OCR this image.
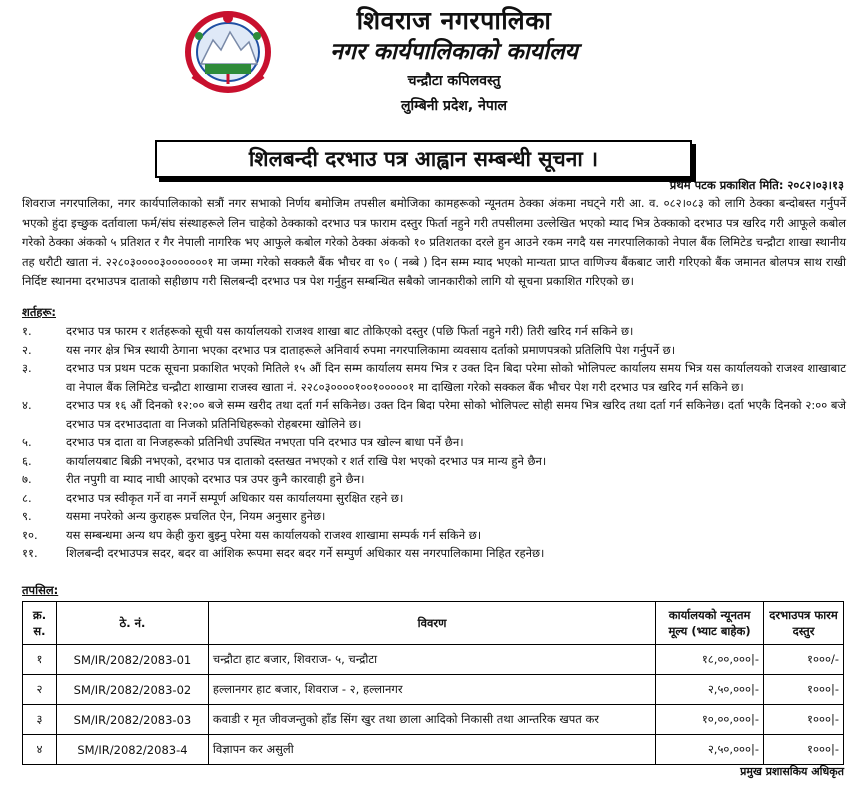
शिवराज नगरपालिका
नगर कार्यपालिकाको कार्यालय
चन्द्रौटा कपिलवस्तु
लुम्बिनी प्रदेश, नेपाल
शिलबन्दी दरभाउ पत्र आह्वान सम्बन्धी सूचना ।
प्रथम पटक प्रकाशित मिति: २०८२।०३।१३

शिवराज नगरपालिका, नगर कार्यपालिकाको सत्रौं नगर सभाको निर्णय बमोजिम तपसील बमोजिका कामहरूको न्यूनतम ठेक्का अंकमा नघट्ने गरी आ. व. ०८२।०८३ को लागि ठेक्का बन्दोबस्त गर्नुपर्ने भएकाे हुंदा इच्छुक दर्तावाला फर्म/संघ संस्थाहरूले लिन चाहेको ठेक्काको दरभाउ पत्र फाराम दस्तुर फिर्ता नहुने गरी तपसीलमा उल्लेखित भएको म्याद भित्र ठेक्काको दरभाउ पत्र खरिद गरी आफूले कबोल गरेको ठेक्का अंकको ५ प्रतिशत र गैर नेपाली नागरिक भए आफुले कबोल गरेको ठेक्का अंकको १० प्रतिशतका दरले हुन आउने रकम नगदै यस नगरपालिकाको नेपाल बैंक लिमिटेड चन्द्रौटा शाखा स्थानीय तह धरौटी खाता नं. २२८०३००००३०००००००१ मा जम्मा गरेको सक्कलै बैंक भौचर वा ९० ( नब्बे ) दिन सम्म म्याद भएको मान्यता प्राप्त वाणिज्य बैंकबाट जारी गरिएको बैंक जमानत बोलपत्र साथ राखी निर्दिष्ट स्थानमा दरभाउपत्र दाताको सहीछाप गरी सिलबन्दी दरभाउ पत्र पेश गर्नुहुन सम्बन्धित सबैको जानकारीको लागि यो सूचना प्रकाशित गरिएको छ।

शर्तहरू:
१.	दरभाउ पत्र फारम र शर्तहरूको सूची यस कार्यालयको राजश्व शाखा बाट तोकिएको दस्तुर (पछि फिर्ता नहुने गरी) तिरी खरिद गर्न सकिने छ।
२.	यस नगर क्षेत्र भित्र स्थायी ठेगाना भएका दरभाउ पत्र दाताहरूले अनिवार्य रुपमा नगरपालिकामा व्यवसाय दर्ताको प्रमाणपत्रको प्रतिलिपि पेश गर्नुपर्ने छ।
३.	दरभाउ पत्र प्रथम पटक सूचना प्रकाशित भएको मितिले १५ औं दिन सम्म कार्यालय समय भित्र र उक्त दिन बिदा परेमा सोको भोलिपल्ट कार्यालय समय भित्र यस कार्यालयको राजश्व शाखाबाट वा नेपाल बैंक लिमिटेड चन्द्रौटा शाखामा राजस्व खाता नं. २२८०३००००१००१०००००१ मा दाखिला गरेको सक्कल बैंक भौचर पेश गरी दरभाउ पत्र खरिद गर्न सकिने छ।
४.	दरभाउ पत्र १६ औं दिनको १२:०० बजे सम्म खरीद तथा दर्ता गर्न सकिनेछ। उक्त दिन बिदा परेमा सोको भोलिपल्ट सोही समय भित्र खरिद तथा दर्ता गर्न सकिनेछ। दर्ता भएकै दिनको २:०० बजे दरभाउ पत्र दरभाउदाता वा निजको प्रतिनिधिहरूको रोहबरमा खोलिने छ।
५.	दरभाउ पत्र दाता वा निजहरूको प्रतिनिधी उपस्थित नभएता पनि दरभाउ पत्र खोल्न बाधा पर्ने छैन।
६.	कार्यालयबाट बिक्री नभएको, दरभाउ पत्र दाताको दस्तखत नभएको र शर्त राखि पेश भएको दरभाउ पत्र मान्य हुने छैन।
७.	रीत नपुगी वा म्याद नाघी आएको दरभाउ पत्र उपर कुनै कारवाही हुने छैन।
८.	दरभाउ पत्र स्वीकृत गर्ने वा नगर्ने सम्पूर्ण अधिकार यस कार्यालयमा सुरक्षित रहने छ।
९.	यसमा नपरेको अन्य कुराहरू प्रचलित ऐन, नियम अनुसार हुनेछ।
१०.	यस सम्बन्धमा अन्य थप केही कुरा बुझ्नु परेमा यस कार्यालयको राजश्व शाखामा सम्पर्क गर्न सकिने छ।
११.	शिलबन्दी दरभाउपत्र सदर, बदर वा आंशिक रूपमा सदर बदर गर्ने सम्पुर्ण अधिकार यस नगरपालिकामा निहित रहनेछ।
तपसिल:
क्र. स.	ठे. नं.	विवरण	कार्यालयको न्यूनतम मूल्य (भ्याट बाहेक)	दरभाउपत्र फारम दस्तुर
१	SM/IR/2082/2083-01	चन्द्रौटा हाट बजार, शिवराज- ५, चन्द्रौटा	१८,००,०००|-	१०००/-
२	SM/IR/2082/2083-02	हल्लानगर हाट बजार, शिवराज - २, हल्लानगर	२,५०,०००|-	१०००|-
३	SM/IR/2082/2083-03	कवाडी र मृत जीवजन्तुको हाँड सिंग खुर तथा छाला आदिको निकासी तथा आन्तरिक खपत कर	१०,००,०००|-	१०००|-
४	SM/IR/2082/2083-4	विज्ञापन कर असुली	२,५०,०००|-	१०००|-
प्रमुख प्रशासकिय अधिकृत
